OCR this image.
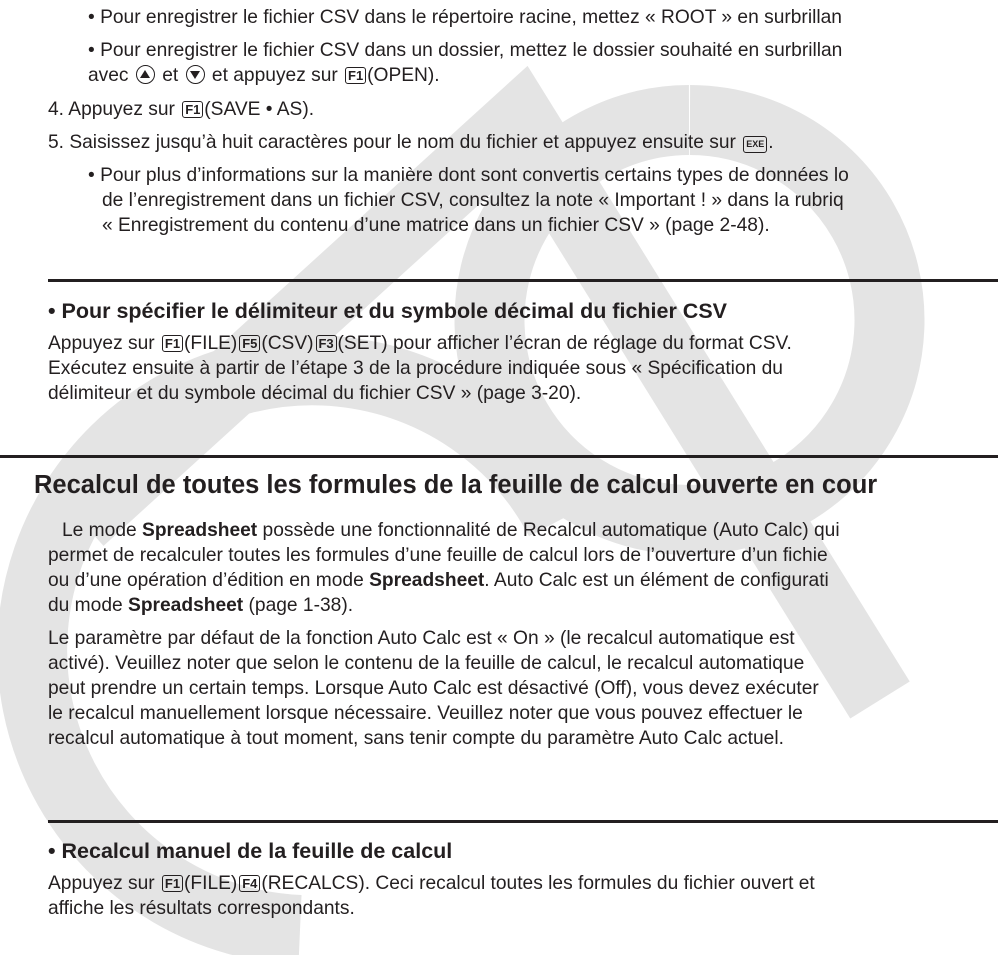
• Pour enregistrer le fichier CSV dans le répertoire racine, mettez « ROOT » en surbrillan
• Pour enregistrer le fichier CSV dans un dossier, mettez le dossier souhaité en surbrillan
avec et et appuyez sur F1 (OPEN).
4. Appuyez sur F1 (SAVE • AS).
5. Saisissez jusqu’à huit caractères pour le nom du fichier et appuyez ensuite sur EXE .
• Pour plus d’informations sur la manière dont sont convertis certains types de données lo
de l’enregistrement dans un fichier CSV, consultez la note « Important ! » dans la rubriq
« Enregistrement du contenu d’une matrice dans un fichier CSV » (page 2-48).
• Pour spécifier le délimiteur et du symbole décimal du fichier CSV
Appuyez sur F1 (FILE) F5 (CSV) F3 (SET) pour afficher l’écran de réglage du format CSV.
Exécutez ensuite à partir de l’étape 3 de la procédure indiquée sous « Spécification du
délimiteur et du symbole décimal du fichier CSV » (page 3-20).
Recalcul de toutes les formules de la feuille de calcul ouverte en cour
Le mode Spreadsheet possède une fonctionnalité de Recalcul automatique (Auto Calc) qui
permet de recalculer toutes les formules d’une feuille de calcul lors de l’ouverture d’un fichie
ou d’une opération d’édition en mode Spreadsheet. Auto Calc est un élément de configurati
du mode Spreadsheet (page 1-38).
Le paramètre par défaut de la fonction Auto Calc est « On » (le recalcul automatique est
activé). Veuillez noter que selon le contenu de la feuille de calcul, le recalcul automatique
peut prendre un certain temps. Lorsque Auto Calc est désactivé (Off), vous devez exécuter
le recalcul manuellement lorsque nécessaire. Veuillez noter que vous pouvez effectuer le
recalcul automatique à tout moment, sans tenir compte du paramètre Auto Calc actuel.
• Recalcul manuel de la feuille de calcul
Appuyez sur F1 (FILE) F4 (RECALCS). Ceci recalcul toutes les formules du fichier ouvert et
affiche les résultats correspondants.
